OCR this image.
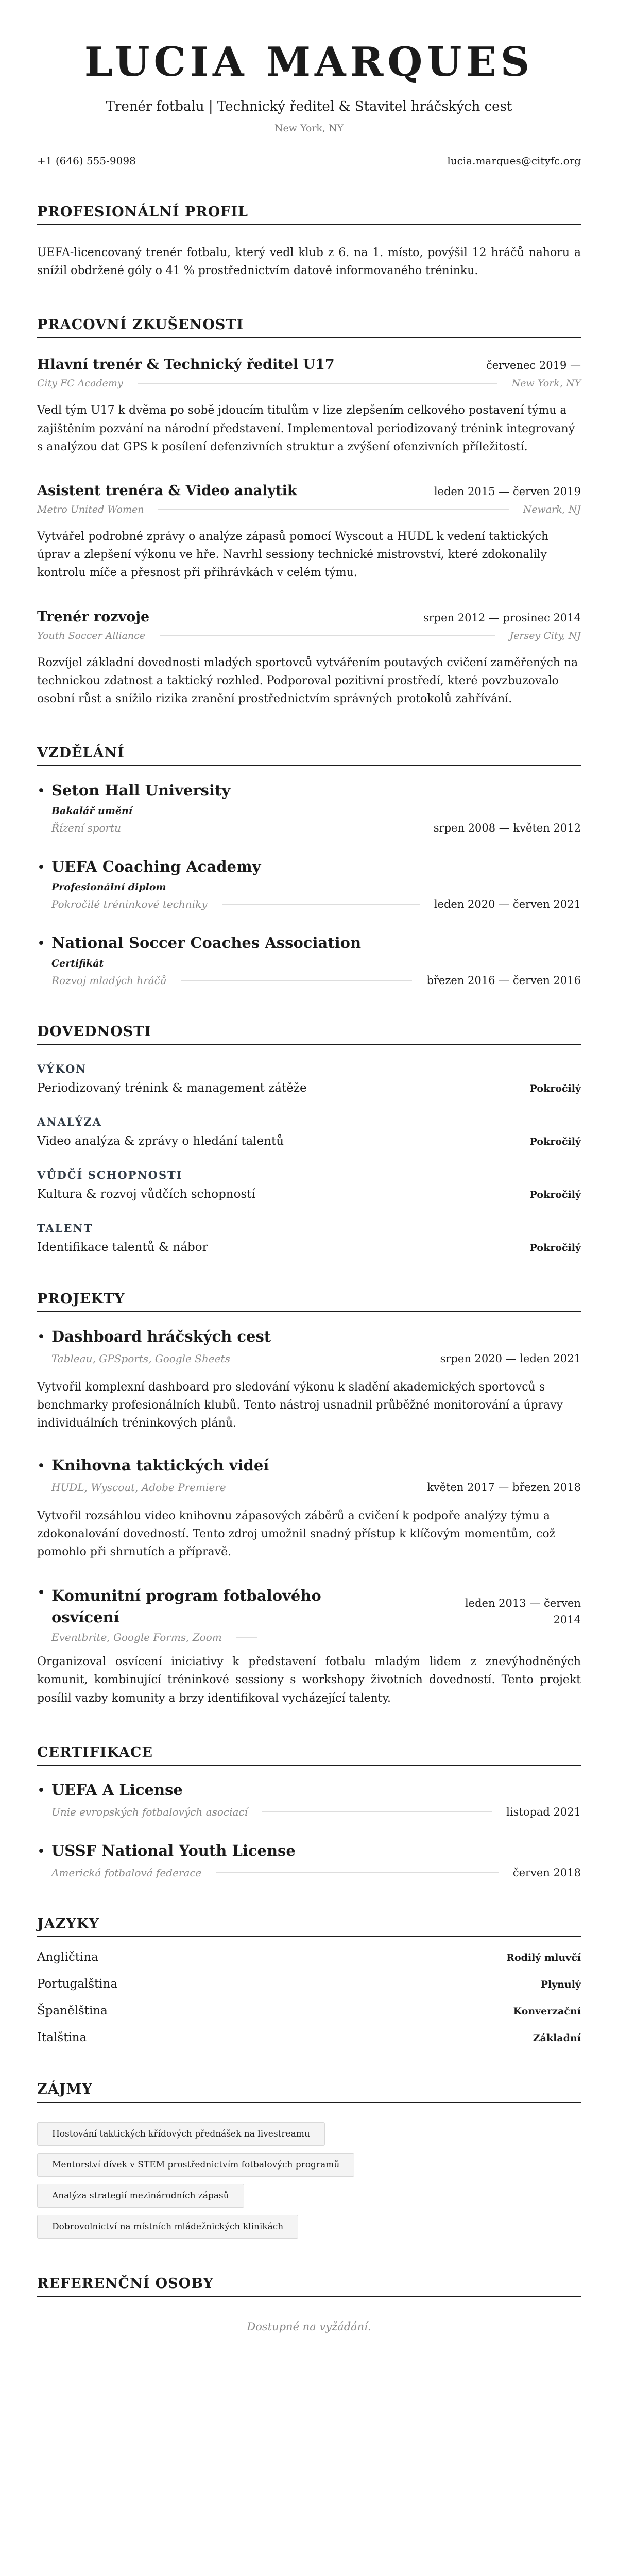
LUCIA MARQUES
Trenér fotbalu | Technický ředitel & Stavitel hráčských cest
New York, NY
+1 (646) 555-9098	lucia.marques@cityfc.org
PROFESIONÁLNÍ PROFIL

UEFA-licencovaný trenér fotbalu, který vedl klub z 6. na 1. místo, povýšil 12 hráčů nahoru a snížil obdržené góly o 41 % prostřednictvím datově informovaného tréninku.

PRACOVNÍ ZKUŠENOSTI
Hlavní trenér & Technický ředitel U17	červenec 2019 —
City FC Academy	New York, NY

Vedl tým U17 k dvěma po sobě jdoucím titulům v lize zlepšením celkového postavení týmu a zajištěním pozvání na národní představení. Implementoval periodizovaný trénink integrovaný s analýzou dat GPS k posílení defenzivních struktur a zvýšení ofenzivních příležitostí.

Asistent trenéra & Video analytik	leden 2015 — červen 2019
Metro United Women	Newark, NJ

Vytvářel podrobné zprávy o analýze zápasů pomocí Wyscout a HUDL k vedení taktických úprav a zlepšení výkonu ve hře. Navrhl sessiony technické mistrovství, které zdokonalily kontrolu míče a přesnost při přihrávkách v celém týmu.

Trenér rozvoje	srpen 2012 — prosinec 2014
Youth Soccer Alliance	Jersey City, NJ

Rozvíjel základní dovednosti mladých sportovců vytvářením poutavých cvičení zaměřených na technickou zdatnost a taktický rozhled. Podporoval pozitivní prostředí, které povzbuzovalo osobní růst a snížilo rizika zranění prostřednictvím správných protokolů zahřívání.

VZDĚLÁNÍ
• Seton Hall University
Bakalář umění
Řízení sportu	srpen 2008 — květen 2012
• UEFA Coaching Academy
Profesionální diplom
Pokročilé tréninkové techniky	leden 2020 — červen 2021
• National Soccer Coaches Association
Certifikát
Rozvoj mladých hráčů	březen 2016 — červen 2016
DOVEDNOSTI
VÝKON
Periodizovaný trénink & management zátěže	Pokročilý
ANALÝZA
Video analýza & zprávy o hledání talentů	Pokročilý
VŮDČÍ SCHOPNOSTI
Kultura & rozvoj vůdčích schopností	Pokročilý
TALENT
Identifikace talentů & nábor	Pokročilý
PROJEKTY
• Dashboard hráčských cest
Tableau, GPSports, Google Sheets	srpen 2020 — leden 2021

Vytvořil komplexní dashboard pro sledování výkonu k sladění akademických sportovců s benchmarky profesionálních klubů. Tento nástroj usnadnil průběžné monitorování a úpravy individuálních tréninkových plánů.

• Knihovna taktických videí
HUDL, Wyscout, Adobe Premiere	květen 2017 — březen 2018

Vytvořil rozsáhlou video knihovnu zápasových záběrů a cvičení k podpoře analýzy týmu a zdokonalování dovedností. Tento zdroj umožnil snadný přístup k klíčovým momentům, což pomohlo při shrnutích a přípravě.

• Komunitní program fotbalového
osvícení
leden 2013 — červen
2014
Eventbrite, Google Forms, Zoom

Organizoval osvícení iniciativy k představení fotbalu mladým lidem z znevýhodněných komunit, kombinující tréninkové sessiony s workshopy životních dovedností. Tento projekt posílil vazby komunity a brzy identifikoval vycházející talenty.

CERTIFIKACE
• UEFA A License
Unie evropských fotbalových asociací	listopad 2021
• USSF National Youth License
Americká fotbalová federace	červen 2018
JAZYKY
Angličtina	Rodilý mluvčí
Portugalština	Plynulý
Španělština	Konverzační
Italština	Základní
ZÁJMY
Hostování taktických křídových přednášek na livestreamu
Mentorství dívek v STEM prostřednictvím fotbalových programů
Analýza strategií mezinárodních zápasů
Dobrovolnictví na místních mládežnických klinikách
REFERENČNÍ OSOBY
Dostupné na vyžádání.
